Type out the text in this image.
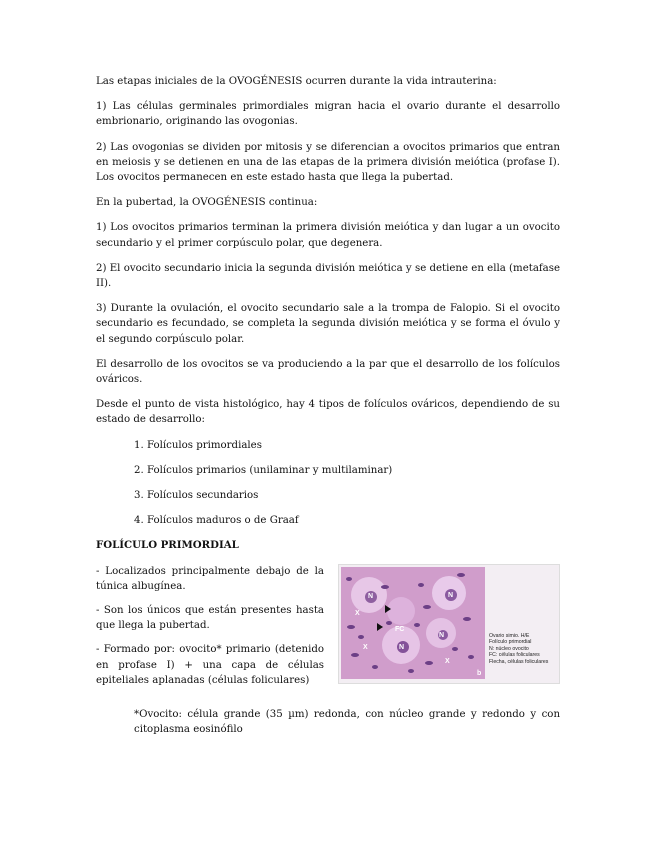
Las etapas iniciales de la OVOGÉNESIS ocurren durante la vida intrauterina:

1) Las células germinales primordiales migran hacia el ovario durante el desarrollo embrionario, originando las ovogonias.

2) Las ovogonias se dividen por mitosis y se diferencian a ovocitos primarios que entran en meiosis y se detienen en una de las etapas de la primera división meiótica (profase I). Los ovocitos permanecen en este estado hasta que llega la pubertad.

En la pubertad, la OVOGÉNESIS continua:

1) Los ovocitos primarios terminan la primera división meiótica y dan lugar a un ovocito secundario y el primer corpúsculo polar, que degenera.

2) El ovocito secundario inicia la segunda división meiótica y se detiene en ella (metafase II).

3) Durante la ovulación, el ovocito secundario sale a la trompa de Falopio. Si el ovocito secundario es fecundado, se completa la segunda división meiótica y se forma el óvulo y el segundo corpúsculo polar.

El desarrollo de los ovocitos se va produciendo a la par que el desarrollo de los folículos ováricos.

Desde el punto de vista histológico, hay 4 tipos de folículos ováricos, dependiendo de su estado de desarrollo:

1. Folículos primordiales
2. Folículos primarios (unilaminar y multilaminar)
3. Folículos secundarios
4. Folículos maduros o de Graaf
FOLÍCULO PRIMORDIAL

- Localizados principalmente debajo de la túnica albugínea.

- Son los únicos que están presentes hasta que llega la pubertad.

- Formado por: ovocito* primario (detenido en profase I) + una capa de células epiteliales aplanadas (células foliculares)

N	N
N
N
FC
X
X
X
b
Ovario simio. H/E
Folículo primordial
N: núcleo ovocito
FC: células foliculares
Flecha, células foliculares

*Ovocito: célula grande (35 µm) redonda, con núcleo grande y redondo y con citoplasma eosinófilo
